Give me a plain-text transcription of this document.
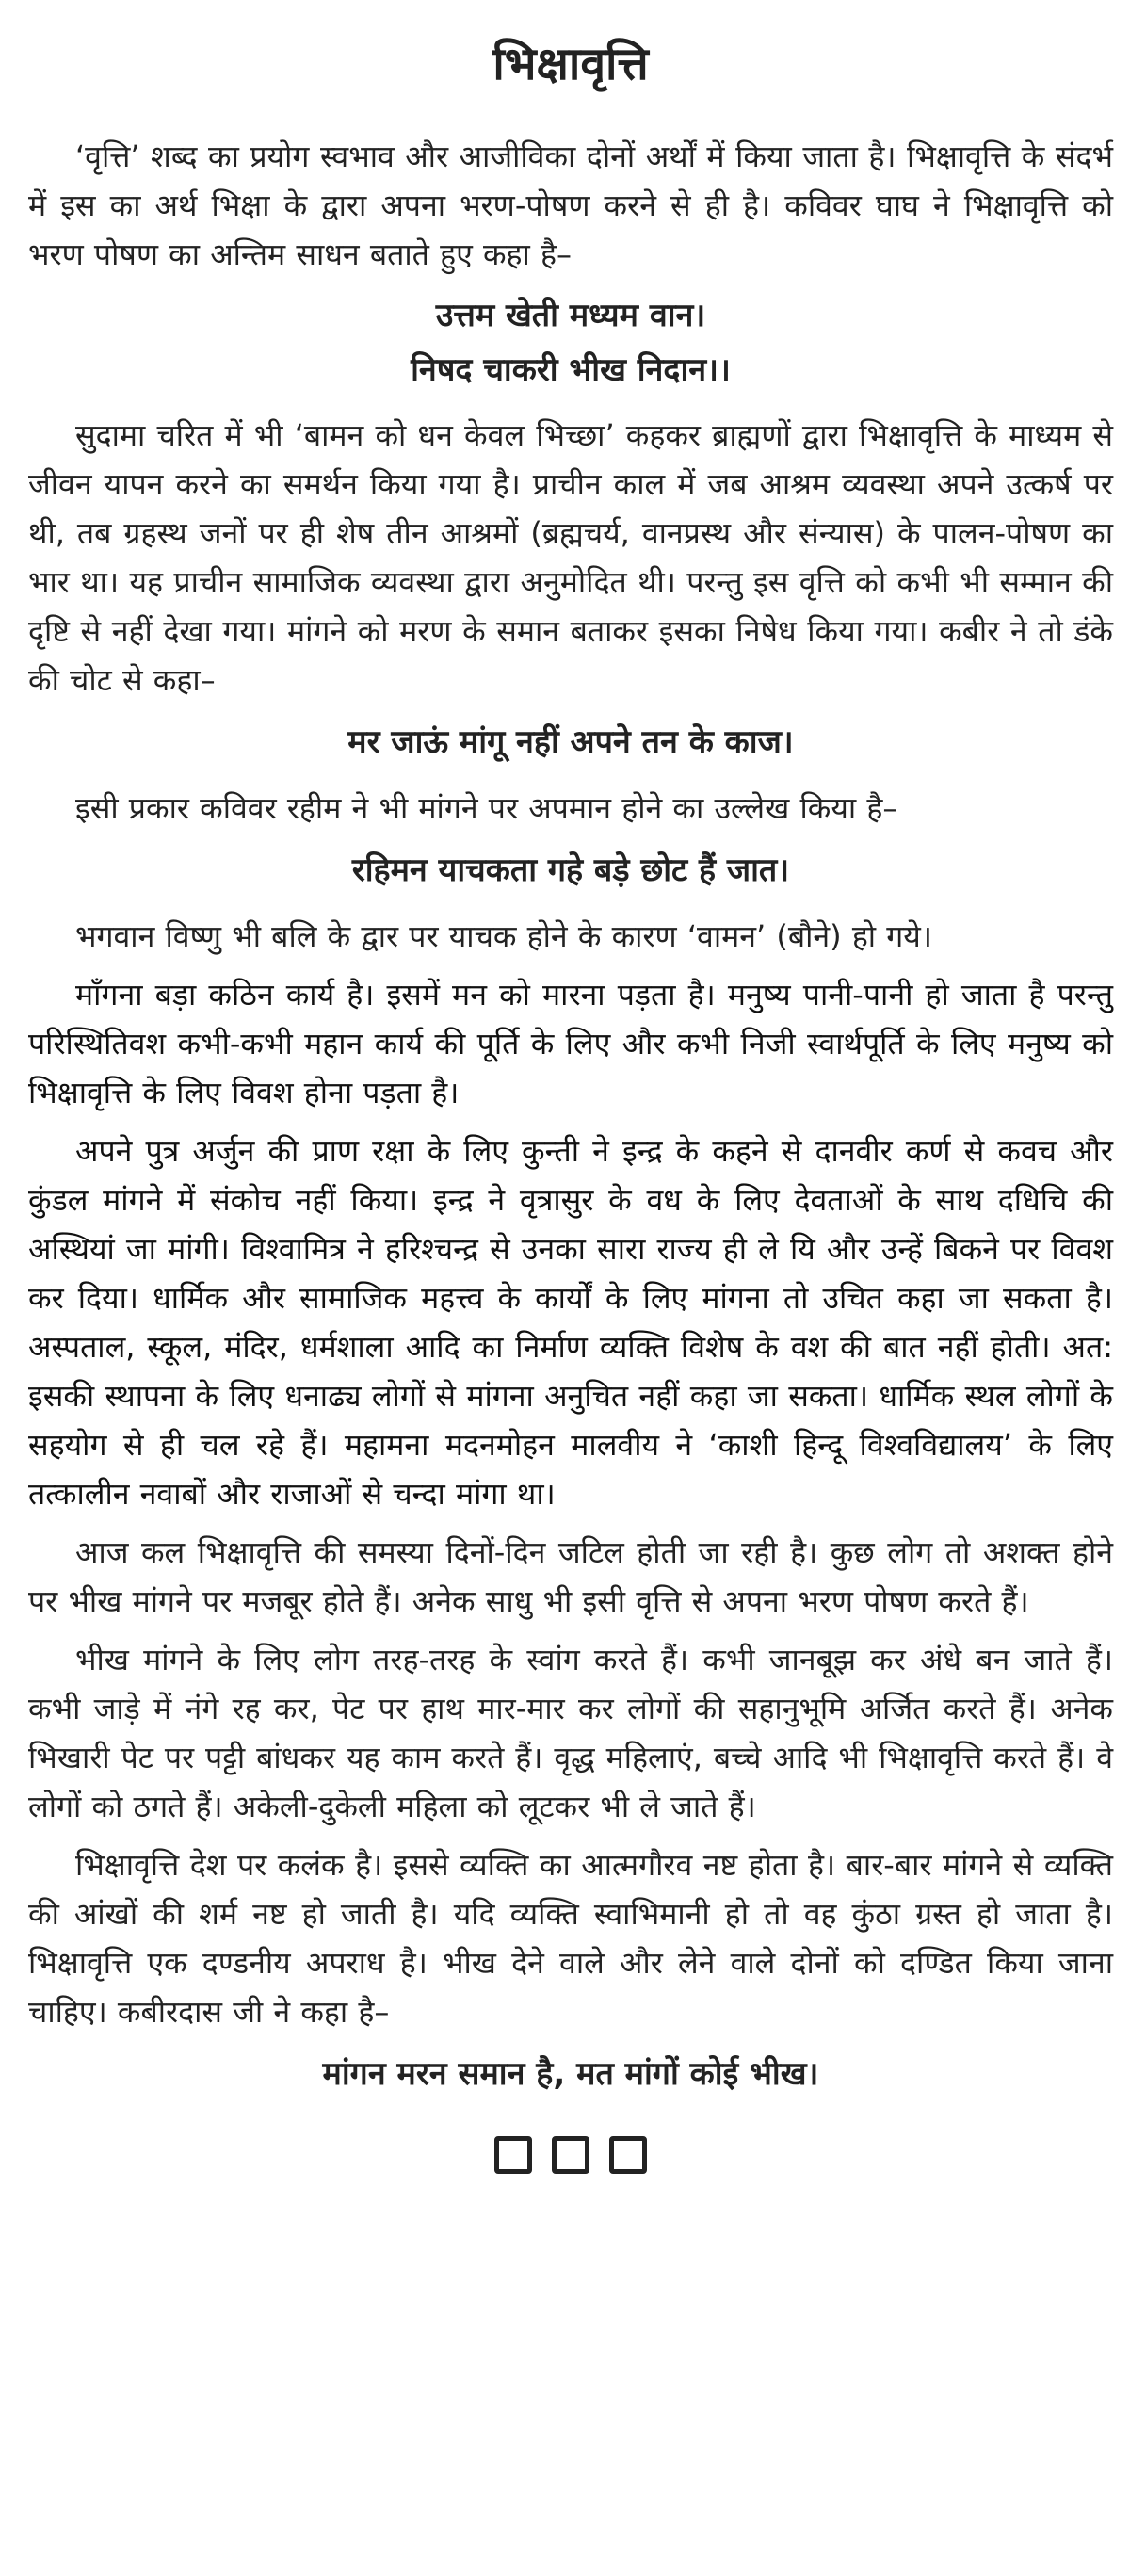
भिक्षावृत्ति

‘वृत्ति’ शब्द का प्रयोग स्वभाव और आजीविका दोनों अर्थों में किया जाता है। भिक्षावृत्ति के संदर्भ में इस का अर्थ भिक्षा के द्वारा अपना भरण-पोषण करने से ही है। कविवर घाघ ने भिक्षावृत्ति को भरण पोषण का अन्तिम साधन बताते हुए कहा है–

उत्तम खेती मध्यम वान।
निषद चाकरी भीख निदान।।

सुदामा चरित में भी ‘बामन को धन केवल भिच्छा’ कहकर ब्राह्मणों द्वारा भिक्षावृत्ति के माध्यम से जीवन यापन करने का समर्थन किया गया है। प्राचीन काल में जब आश्रम व्यवस्था अपने उत्कर्ष पर थी, तब ग्रहस्थ जनों पर ही शेष तीन आश्रमों (ब्रह्मचर्य, वानप्रस्थ और संन्यास) के पालन-पोषण का भार था। यह प्राचीन सामाजिक व्यवस्था द्वारा अनुमोदित थी। परन्तु इस वृत्ति को कभी भी सम्मान की दृष्टि से नहीं देखा गया। मांगने को मरण के समान बताकर इसका निषेध किया गया। कबीर ने तो डंके की चोट से कहा–

मर जाऊं मांगू नहीं अपने तन के काज।

इसी प्रकार कविवर रहीम ने भी मांगने पर अपमान होने का उल्लेख किया है–

रहिमन याचकता गहे बड़े छोट हैं जात।

भगवान विष्णु भी बलि के द्वार पर याचक होने के कारण ‘वामन’ (बौने) हो गये।

माँगना बड़ा कठिन कार्य है। इसमें मन को मारना पड़ता है। मनुष्य पानी-पानी हो जाता है परन्तु परिस्थितिवश कभी-कभी महान कार्य की पूर्ति के लिए और कभी निजी स्वार्थपूर्ति के लिए मनुष्य को भिक्षावृत्ति के लिए विवश होना पड़ता है।

अपने पुत्र अर्जुन की प्राण रक्षा के लिए कुन्ती ने इन्द्र के कहने से दानवीर कर्ण से कवच और कुंडल मांगने में संकोच नहीं किया। इन्द्र ने वृत्रासुर के वध के लिए देवताओं के साथ दधिचि की अस्थियां जा मांगी। विश्वामित्र ने हरिश्चन्द्र से उनका सारा राज्य ही ले यि और उन्हें बिकने पर विवश कर दिया। धार्मिक और सामाजिक महत्त्व के कार्यों के लिए मांगना तो उचित कहा जा सकता है। अस्पताल, स्कूल, मंदिर, धर्मशाला आदि का निर्माण व्यक्ति विशेष के वश की बात नहीं होती। अत: इसकी स्थापना के लिए धनाढ्य लोगों से मांगना अनुचित नहीं कहा जा सकता। धार्मिक स्थल लोगों के सहयोग से ही चल रहे हैं। महामना मदनमोहन मालवीय ने ‘काशी हिन्दू विश्वविद्यालय’ के लिए तत्कालीन नवाबों और राजाओं से चन्दा मांगा था।

आज कल भिक्षावृत्ति की समस्या दिनों-दिन जटिल होती जा रही है। कुछ लोग तो अशक्त होने पर भीख मांगने पर मजबूर होते हैं। अनेक साधु भी इसी वृत्ति से अपना भरण पोषण करते हैं।

भीख मांगने के लिए लोग तरह-तरह के स्वांग करते हैं। कभी जानबूझ कर अंधे बन जाते हैं। कभी जाड़े में नंगे रह कर, पेट पर हाथ मार-मार कर लोगों की सहानुभूमि अर्जित करते हैं। अनेक भिखारी पेट पर पट्टी बांधकर यह काम करते हैं। वृद्ध महिलाएं, बच्चे आदि भी भिक्षावृत्ति करते हैं। वे लोगों को ठगते हैं। अकेली-दुकेली महिला को लूटकर भी ले जाते हैं।

भिक्षावृत्ति देश पर कलंक है। इससे व्यक्ति का आत्मगौरव नष्ट होता है। बार-बार मांगने से व्यक्ति की आंखों की शर्म नष्ट हो जाती है। यदि व्यक्ति स्वाभिमानी हो तो वह कुंठा ग्रस्त हो जाता है। भिक्षावृत्ति एक दण्डनीय अपराध है। भीख देने वाले और लेने वाले दोनों को दण्डित किया जाना चाहिए। कबीरदास जी ने कहा है–

मांगन मरन समान है, मत मांगों कोई भीख।
